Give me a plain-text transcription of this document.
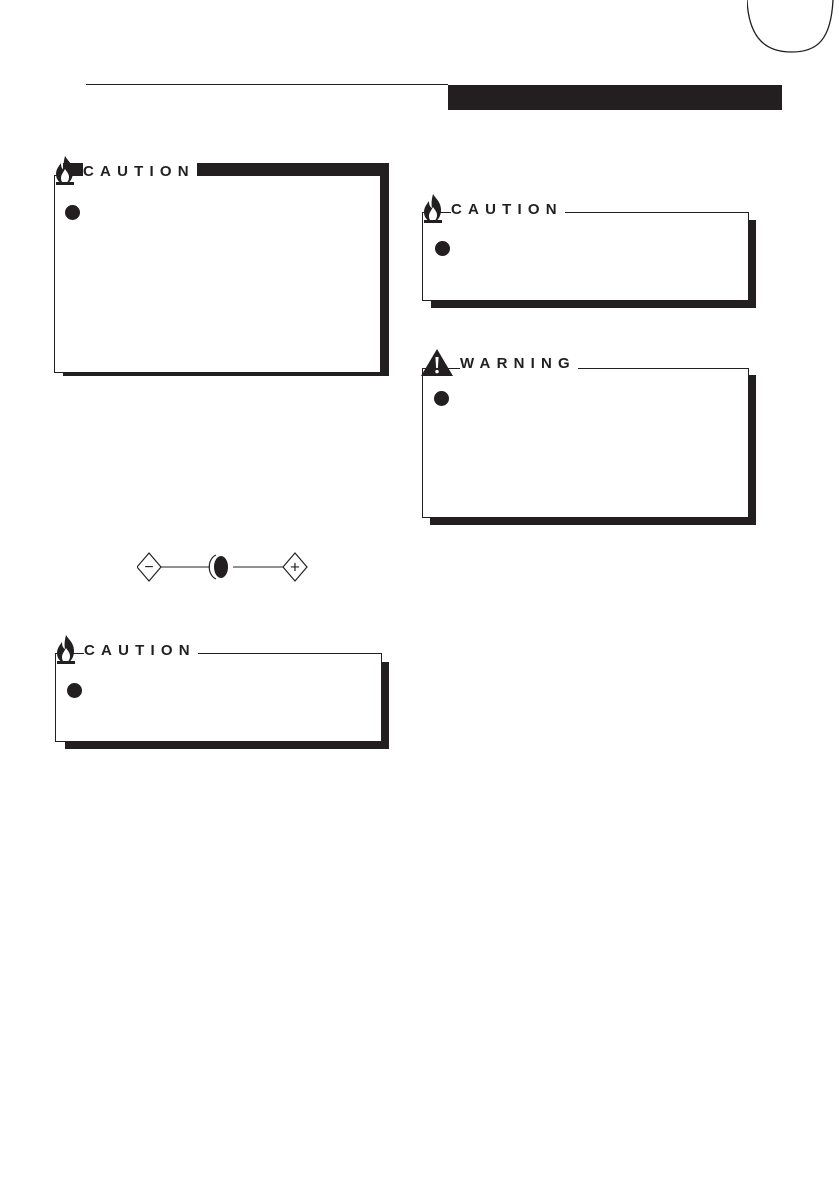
CAUTION
CAUTION
WARNING
−	+
CAUTION
